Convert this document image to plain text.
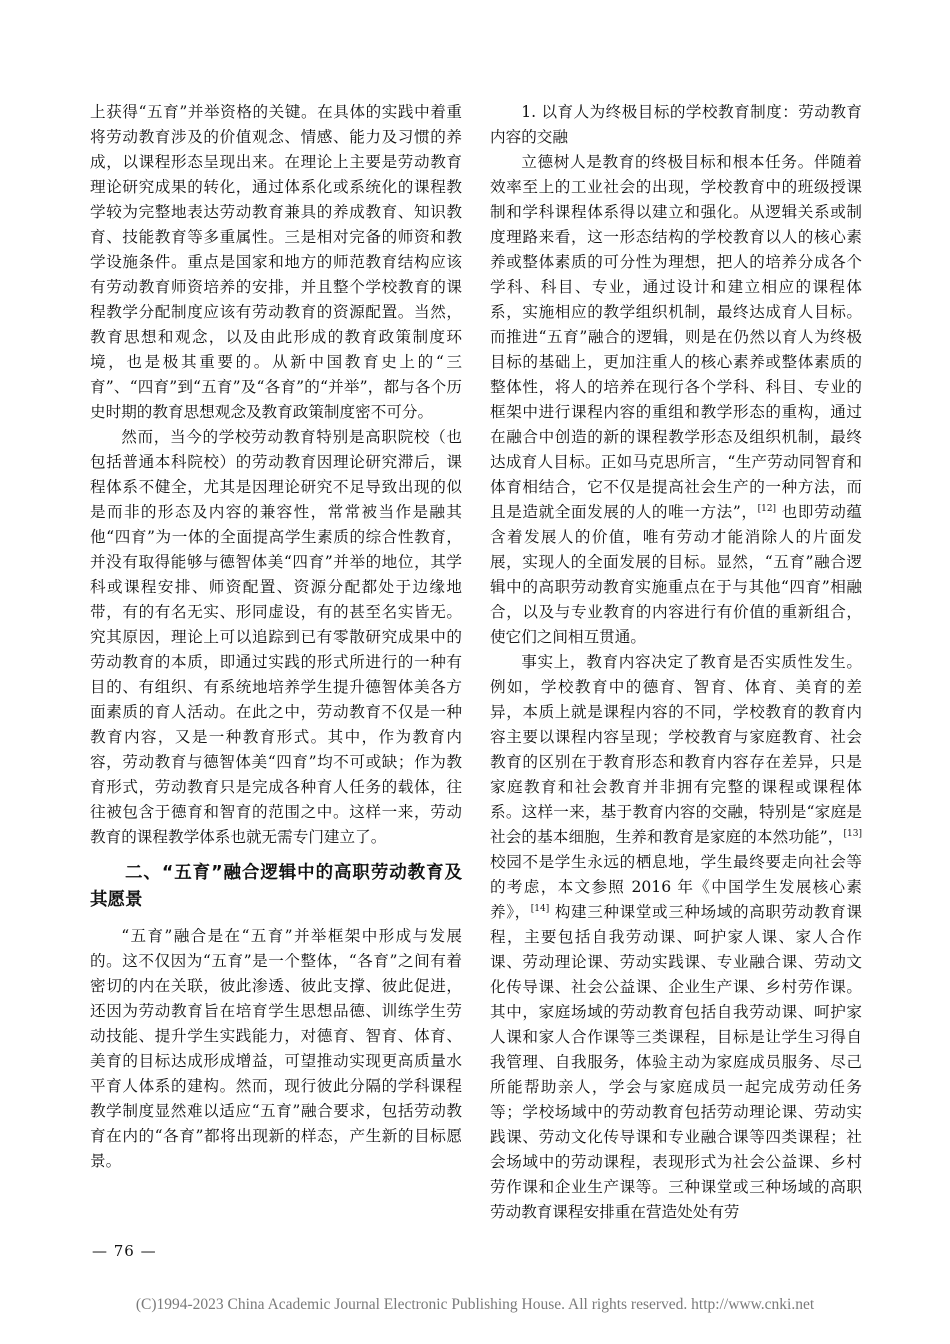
上获得“五育”并举资格的关键。在具体的实践中着重将劳动教育涉及的价值观念、情感、能力及习惯的养成，以课程形态呈现出来。在理论上主要是劳动教育理论研究成果的转化，通过体系化或系统化的课程教学较为完整地表达劳动教育兼具的养成教育、知识教育、技能教育等多重属性。三是相对完备的师资和教学设施条件。重点是国家和地方的师范教育结构应该有劳动教育师资培养的安排，并且整个学校教育的课程教学分配制度应该有劳动教育的资源配置。当然，教育思想和观念，以及由此形成的教育政策制度环境，也是极其重要的。从新中国教育史上的“三育”、“四育”到“五育”及“各育”的“并举”，都与各个历史时期的教育思想观念及教育政策制度密不可分。

然而，当今的学校劳动教育特别是高职院校（也包括普通本科院校）的劳动教育因理论研究滞后，课程体系不健全，尤其是因理论研究不足导致出现的似是而非的形态及内容的兼容性，常常被当作是融其他“四育”为一体的全面提高学生素质的综合性教育，并没有取得能够与德智体美“四育”并举的地位，其学科或课程安排、师资配置、资源分配都处于边缘地带，有的有名无实、形同虚设，有的甚至名实皆无。究其原因，理论上可以追踪到已有零散研究成果中的劳动教育的本质，即通过实践的形式所进行的一种有目的、有组织、有系统地培养学生提升德智体美各方面素质的育人活动。在此之中，劳动教育不仅是一种教育内容，又是一种教育形式。其中，作为教育内容，劳动教育与德智体美“四育”均不可或缺；作为教育形式，劳动教育只是完成各种育人任务的载体，往往被包含于德育和智育的范围之中。这样一来，劳动教育的课程教学体系也就无需专门建立了。

二、“五育”融合逻辑中的高职劳动教育及其愿景

“五育”融合是在“五育”并举框架中形成与发展的。这不仅因为“五育”是一个整体，“各育”之间有着密切的内在关联，彼此渗透、彼此支撑、彼此促进，还因为劳动教育旨在培育学生思想品德、训练学生劳动技能、提升学生实践能力，对德育、智育、体育、美育的目标达成形成增益，可望推动实现更高质量水平育人体系的建构。然而，现行彼此分隔的学科课程教学制度显然难以适应“五育”融合要求，包括劳动教育在内的“各育”都将出现新的样态，产生新的目标愿景。

1. 以育人为终极目标的学校教育制度：劳动教育内容的交融

立德树人是教育的终极目标和根本任务。伴随着效率至上的工业社会的出现，学校教育中的班级授课制和学科课程体系得以建立和强化。从逻辑关系或制度理路来看，这一形态结构的学校教育以人的核心素养或整体素质的可分性为理想，把人的培养分成各个学科、科目、专业，通过设计和建立相应的课程体系，实施相应的教学组织机制，最终达成育人目标。而推进“五育”融合的逻辑，则是在仍然以育人为终极目标的基础上，更加注重人的核心素养或整体素质的整体性，将人的培养在现行各个学科、科目、专业的框架中进行课程内容的重组和教学形态的重构，通过在融合中创造的新的课程教学形态及组织机制，最终达成育人目标。正如马克思所言，“生产劳动同智育和体育相结合，它不仅是提高社会生产的一种方法，而且是造就全面发展的人的唯一方法”，[12] 也即劳动蕴含着发展人的价值，唯有劳动才能消除人的片面发展，实现人的全面发展的目标。显然，“五育”融合逻辑中的高职劳动教育实施重点在于与其他“四育”相融合，以及与专业教育的内容进行有价值的重新组合，使它们之间相互贯通。

事实上，教育内容决定了教育是否实质性发生。例如，学校教育中的德育、智育、体育、美育的差异，本质上就是课程内容的不同，学校教育的教育内容主要以课程内容呈现；学校教育与家庭教育、社会教育的区别在于教育形态和教育内容存在差异，只是家庭教育和社会教育并非拥有完整的课程或课程体系。这样一来，基于教育内容的交融，特别是“家庭是社会的基本细胞，生养和教育是家庭的本然功能”，[13] 校园不是学生永远的栖息地，学生最终要走向社会等的考虑，本文参照 2016 年《中国学生发展核心素养》，[14] 构建三种课堂或三种场域的高职劳动教育课程，主要包括自我劳动课、呵护家人课、家人合作课、劳动理论课、劳动实践课、专业融合课、劳动文化传导课、社会公益课、企业生产课、乡村劳作课。其中，家庭场域的劳动教育包括自我劳动课、呵护家人课和家人合作课等三类课程，目标是让学生习得自我管理、自我服务，体验主动为家庭成员服务、尽己所能帮助亲人，学会与家庭成员一起完成劳动任务等；学校场域中的劳动教育包括劳动理论课、劳动实践课、劳动文化传导课和专业融合课等四类课程；社会场域中的劳动课程，表现形式为社会公益课、乡村劳作课和企业生产课等。三种课堂或三种场域的高职劳动教育课程安排重在营造处处有劳

— 76 —
(C)1994-2023 China Academic Journal Electronic Publishing House. All rights reserved. http://www.cnki.net
